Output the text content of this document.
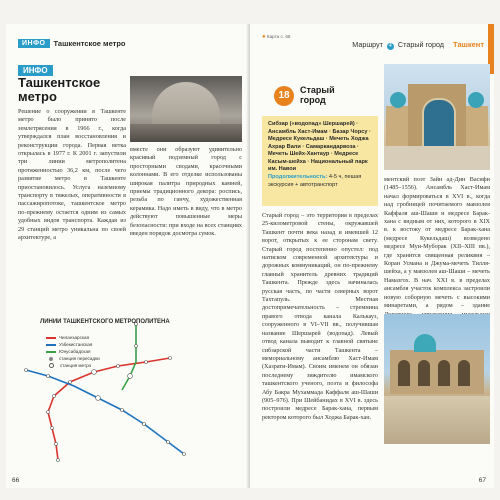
ИНФО	Ташкентское метро
ИНФО
Ташкентское метро
Решение о сооружении в Ташкенте метро было принято после землетрясения в 1966 г., когда утверждался план восстановления и реконструкции города. Первая ветка открылась в 1977 г. К 2001 г. запустили три линии метрополитена протяженностью 36,2 км, после чего развитие метро в Ташкенте приостановилось. Услуга наземному транспорту в тяжелых, оперативности в пассажиропотоке, ташкентское метро по-прежнему остается одним из самых удобных видов транспорта. Каждая из 29 станций метро уникальна по своей архитектуре, а
вместе они образуют удивительно красивый подземный город с просторными сводами, красочными колоннами. В его отделке использованы широкая палитра природных камней, приемы традиционного декора: роспись, резьба по ганчу, художественная керамика. Надо иметь в виду, что в метро действуют повышенные меры безопасности: при входе на всех станциях введен порядок досмотра сумок.
ЛИНИИ ТАШКЕНТСКОГО МЕТРОПОЛИТЕНА
Чиланзарская
Узбекистанская
Юнусабадская
станция пересадки
станция метро
66
● Карта с. 68
Маршрут 4 Старый город Ташкент
18	Старый город
Сибзар («водопад» Шершарей) · Ансамбль Хаст-Имам · Базар Чорсу · Медресе Кукельдаш · Мечеть Ходжа Ахрар Вали · Самаркандарвоза · Мечеть Шейх-Хантаур · Медресе Касым-шейха · Национальный парк им. Навои
Продолжительность: 4-5 ч, пешая экскурсия + автотранспорт
Старый город – это территория в пределах 25-километровой стены, окружавшей Ташкент почти века назад и имевшей 12 ворот, открытых к ее сторонам свету. Старый город постепенно опустел: под натиском современной архитектуры и дорожных коммуникаций, он по-прежнему главный хранитель древних традиций Ташкента. Прежде здесь начиналась русская часть, по части северных ворот Тахтапуль. Местная достопримечательность – стремнина правого отвода канала Калькауз, сооруженного в VI–VII вв., получившая название Шершарей (водопад). Левый отвод канала выводит к главной святыне сибзарской части Ташкента – мемориальному ансамблю Хаст-Имам (Хазрати-Имам). Своим именем он обязан последнему зиждителю имамского ташкентского ученого, поэта и философа Абу Бакра Мухаммада Каффаля аш-Шаши (905–976). При Шейбанидах в XVI в. здесь построили медресе Барак-хана, первым ректором которого был Ходжа Барак-хан.
ментский поэт Зайн ад-Дин Васифи (1485–1556). Ансамбль Хаст-Имам начал формироваться в XVI в., когда над гробницей почитаемого мавзолея Каффаля аш-Шаши и медресе Барак-хана с видным от них, которого в XIX в. к востоку от медресе Барак-хана (медресе Кукельдаш) возведено медресе Муи-Муборак (ХII–ХIII вв.), где хранится священная реликвия – Коран Усмана и Джума-мечеть Тилля-шейха, а у мавзолея аш-Шаши – мечеть Намазгох. В нач. XXI в. в пределах ансамбля участок комплекса застроили новую соборную мечеть с высокими минаретами, а рядом – здание
67
